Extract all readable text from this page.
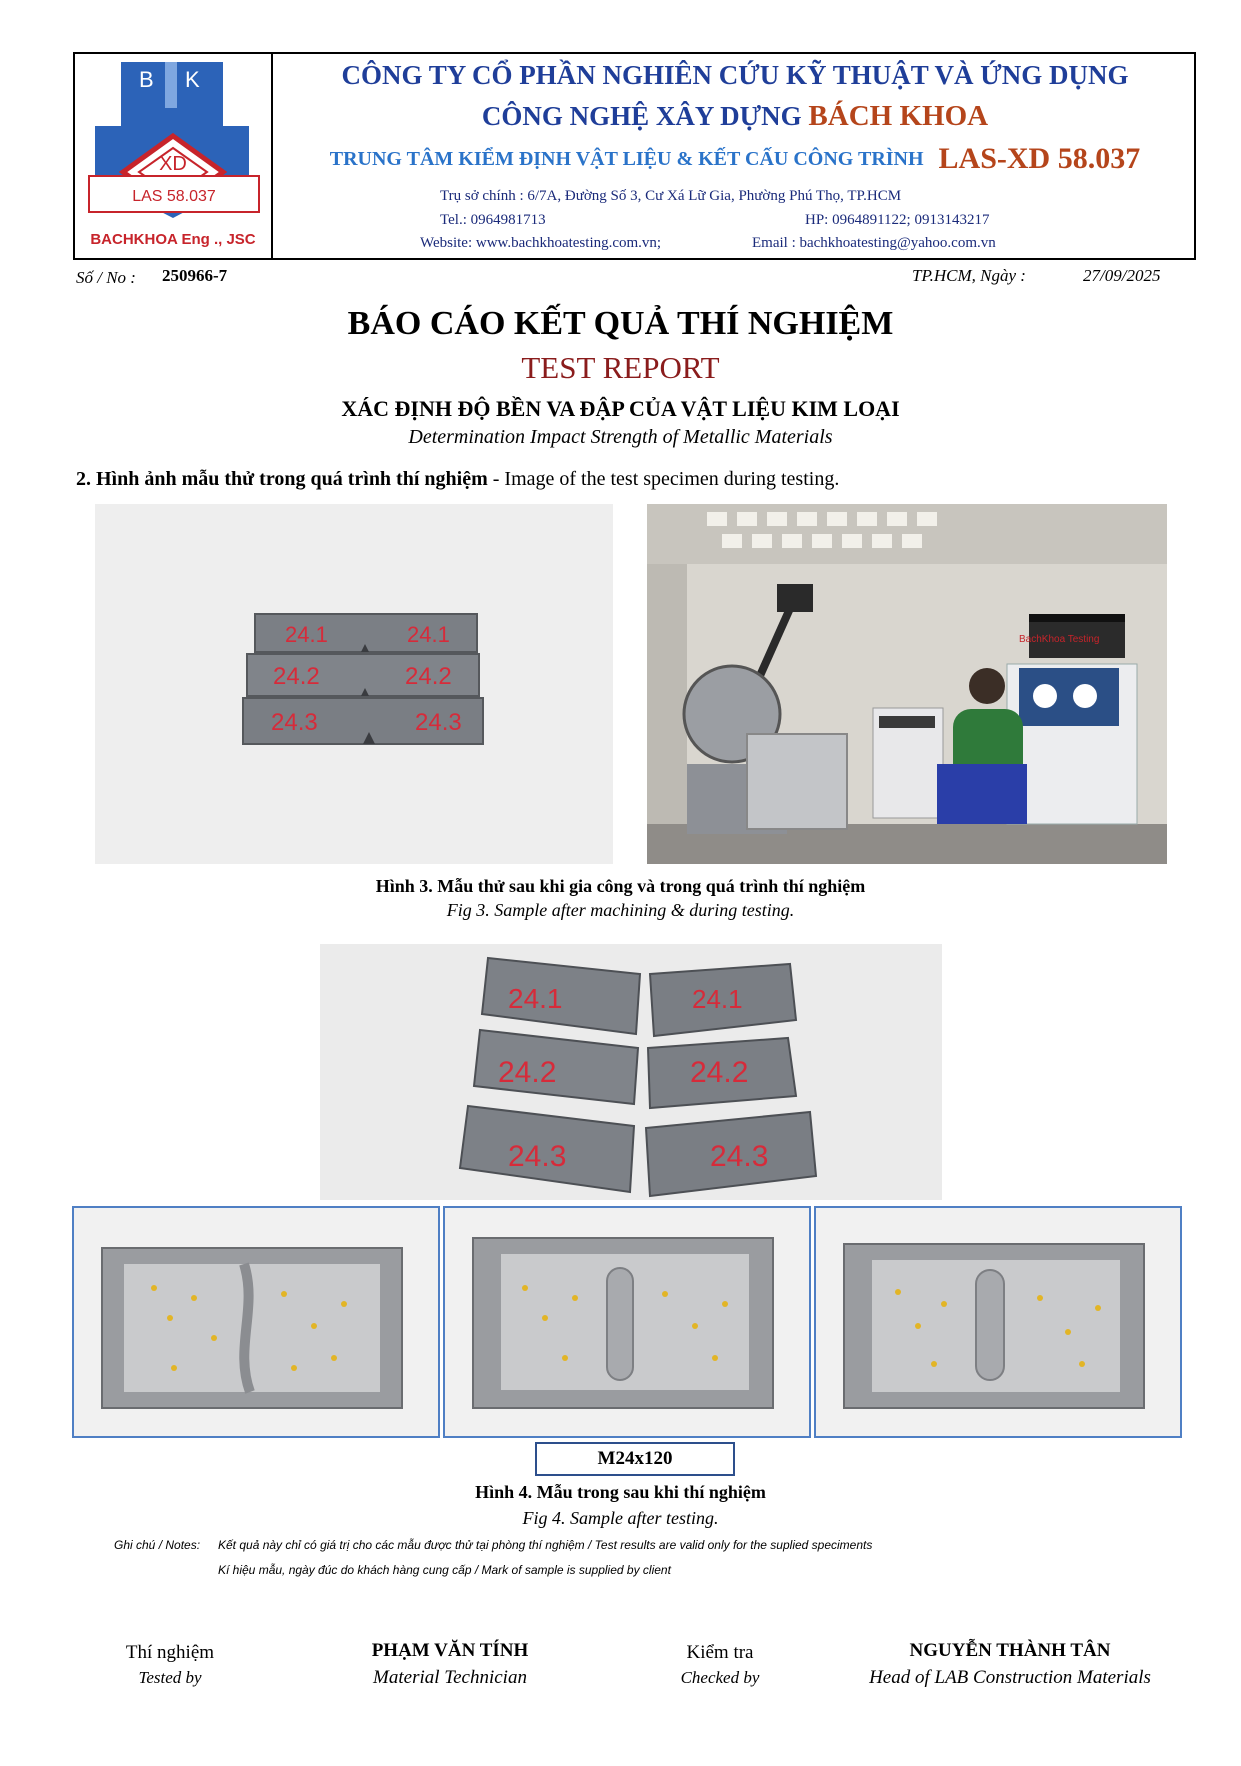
B K
XD
LAS 58.037
BACHKHOA Eng ., JSC
CÔNG TY CỔ PHẦN NGHIÊN CỨU KỸ THUẬT VÀ ỨNG DỤNG
CÔNG NGHỆ XÂY DỰNG BÁCH KHOA
TRUNG TÂM KIỂM ĐỊNH VẬT LIỆU & KẾT CẤU CÔNG TRÌNH LAS-XD 58.037
Trụ sở chính : 6/7A, Đường Số 3, Cư Xá Lữ Gia, Phường Phú Thọ, TP.HCM
Tel.: 0964981713	HP: 0964891122; 0913143217
Website: www.bachkhoatesting.com.vn;	Email : bachkhoatesting@yahoo.com.vn
Số / No : 250966-7	TP.HCM, Ngày :	27/09/2025
BÁO CÁO KẾT QUẢ THÍ NGHIỆM
TEST REPORT
XÁC ĐỊNH ĐỘ BỀN VA ĐẬP CỦA VẬT LIỆU KIM LOẠI
Determination Impact Strength of Metallic Materials
2. Hình ảnh mẫu thử trong quá trình thí nghiệm - Image of the test specimen during testing.
24.1	24.1
24.2	24.2
24.3	24.3
BachKhoa Testing
Hình 3. Mẫu thử sau khi gia công và trong quá trình thí nghiệm
Fig 3. Sample after machining & during testing.
24.1	24.1
24.2	24.2
24.3	24.3
M24x120
Hình 4. Mẫu trong sau khi thí nghiệm
Fig 4. Sample after testing.
Ghi chú / Notes: Kết quả này chỉ có giá trị cho các mẫu được thử tại phòng thí nghiệm / Test results are valid only for the suplied speciments
Kí hiệu mẫu, ngày đúc do khách hàng cung cấp / Mark of sample is supplied by client
Thí nghiệm
Tested by
PHẠM VĂN TÍNH
Material Technician
Kiểm tra
Checked by
NGUYỄN THÀNH TÂN
Head of LAB Construction Materials
